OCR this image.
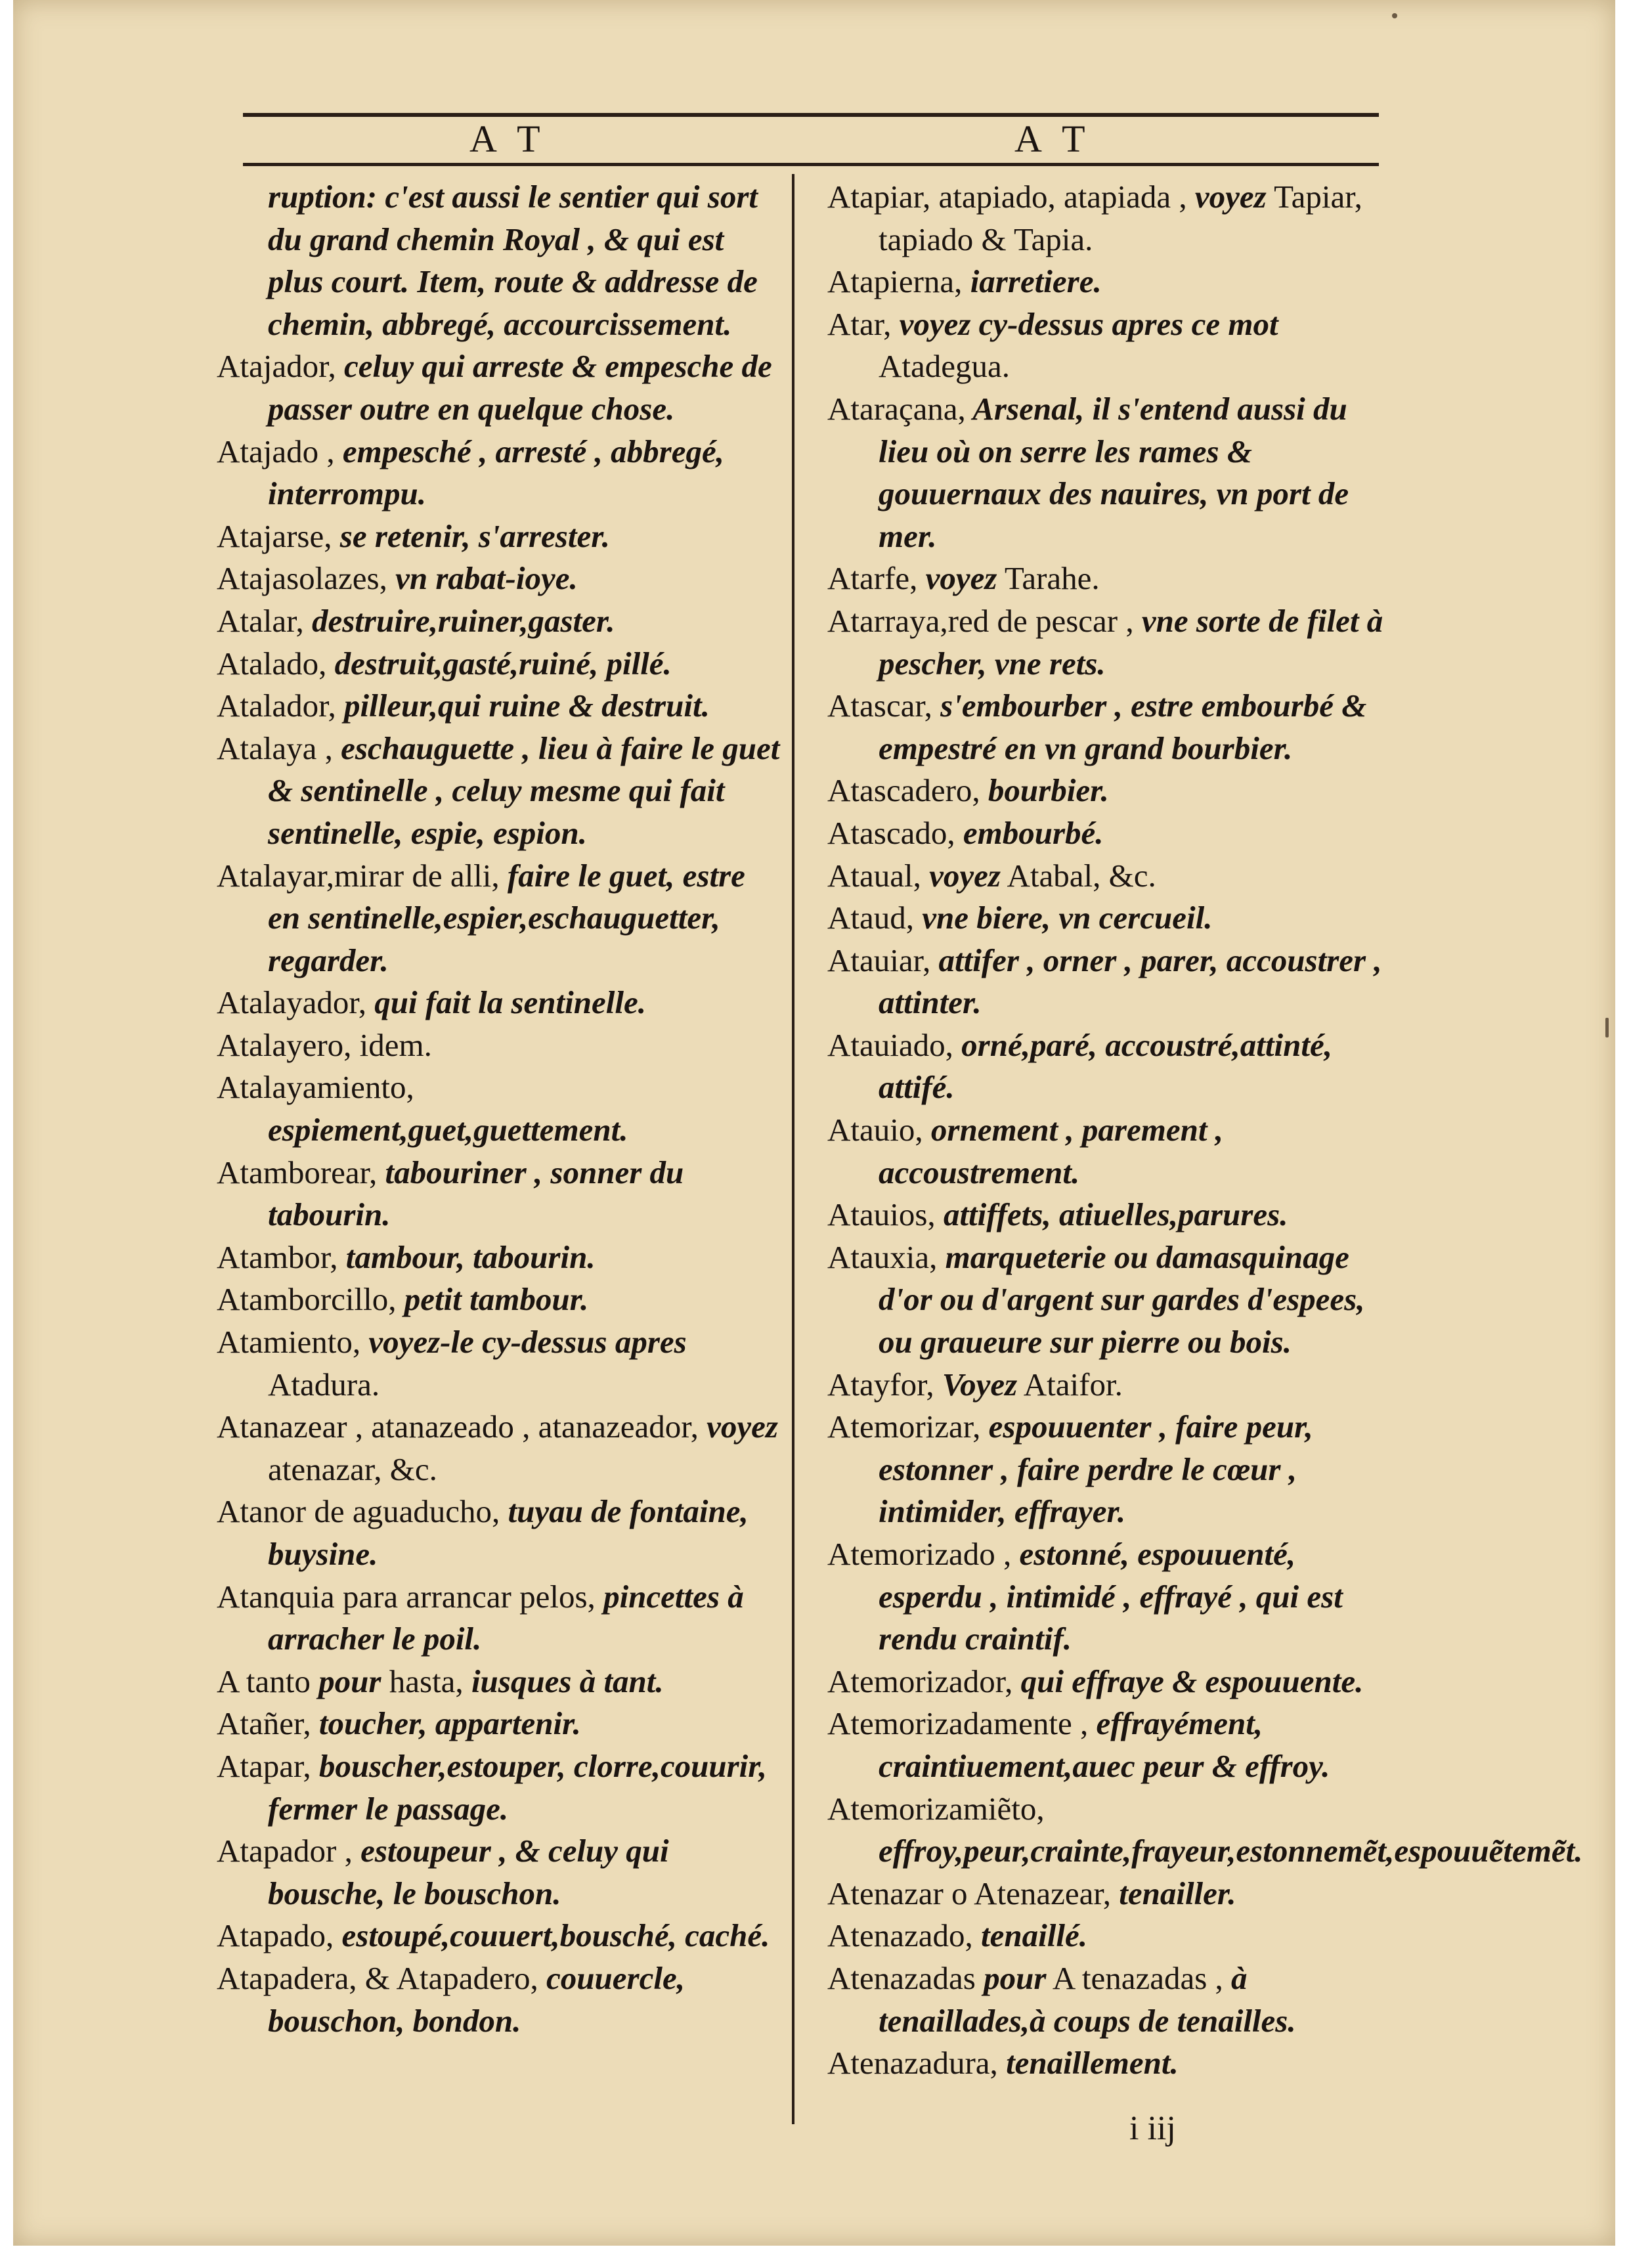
A T	A T

ruption: c'est aussi le sentier qui sort du grand chemin Royal , & qui est plus court. Item, route & addresse de chemin, abbregé, accourcissement.

Atajador, celuy qui arreste & empesche de passer outre en quelque chose.

Atajado , empesché , arresté , abbregé, interrompu.

Atajarse, se retenir, s'arrester.

Atajasolazes, vn rabat-ioye.

Atalar, destruire,ruiner,gaster.

Atalado, destruit,gasté,ruiné, pillé.

Atalador, pilleur,qui ruine & destruit.

Atalaya , eschauguette , lieu à faire le guet & sentinelle , celuy mesme qui fait sentinelle, espie, espion.

Atalayar,mirar de alli, faire le guet, estre en sentinelle,espier,eschauguetter, regarder.

Atalayador, qui fait la sentinelle.

Atalayero, idem.

Atalayamiento, espiement,guet,guettement.

Atamborear, tabouriner , sonner du tabourin.

Atambor, tambour, tabourin.

Atamborcillo, petit tambour.

Atamiento, voyez-le cy-dessus apres Atadura.

Atanazear , atanazeado , atanazeador, voyez atenazar, &c.

Atanor de aguaducho, tuyau de fontaine, buysine.

Atanquia para arrancar pelos, pincettes à arracher le poil.

A tanto pour hasta, iusques à tant.

Atañer, toucher, appartenir.

Atapar, bouscher,estouper, clorre,couurir, fermer le passage.

Atapador , estoupeur , & celuy qui bousche, le bouschon.

Atapado, estoupé,couuert,bousché, caché.

Atapadera, & Atapadero, couuercle, bouschon, bondon.

Atapiar, atapiado, atapiada , voyez Tapiar, tapiado & Tapia.

Atapierna, iarretiere.

Atar, voyez cy-dessus apres ce mot Atadegua.

Ataraçana, Arsenal, il s'entend aussi du lieu où on serre les rames & gouuernaux des nauires, vn port de mer.

Atarfe, voyez Tarahe.

Atarraya,red de pescar , vne sorte de filet à pescher, vne rets.

Atascar, s'embourber , estre embourbé & empestré en vn grand bourbier.

Atascadero, bourbier.

Atascado, embourbé.

Ataual, voyez Atabal, &c.

Ataud, vne biere, vn cercueil.

Atauiar, attifer , orner , parer, accoustrer , attinter.

Atauiado, orné,paré, accoustré,attinté, attifé.

Atauio, ornement , parement , accoustrement.

Atauios, attiffets, atiuelles,parures.

Atauxia, marqueterie ou damasquinage d'or ou d'argent sur gardes d'espees, ou graueure sur pierre ou bois.

Atayfor, Voyez Ataifor.

Atemorizar, espouuenter , faire peur, estonner , faire perdre le cœur , intimider, effrayer.

Atemorizado , estonné, espouuenté, esperdu , intimidé , effrayé , qui est rendu craintif.

Atemorizador, qui effraye & espouuente.

Atemorizadamente , effrayément, craintiuement,auec peur & effroy.

Atemorizamiẽto, effroy,peur,crainte,frayeur,estonnemẽt,espouuẽtemẽt.

Atenazar o Atenazear, tenailler.

Atenazado, tenaillé.

Atenazadas pour A tenazadas , à tenaillades,à coups de tenailles.

Atenazadura, tenaillement.

i iij
